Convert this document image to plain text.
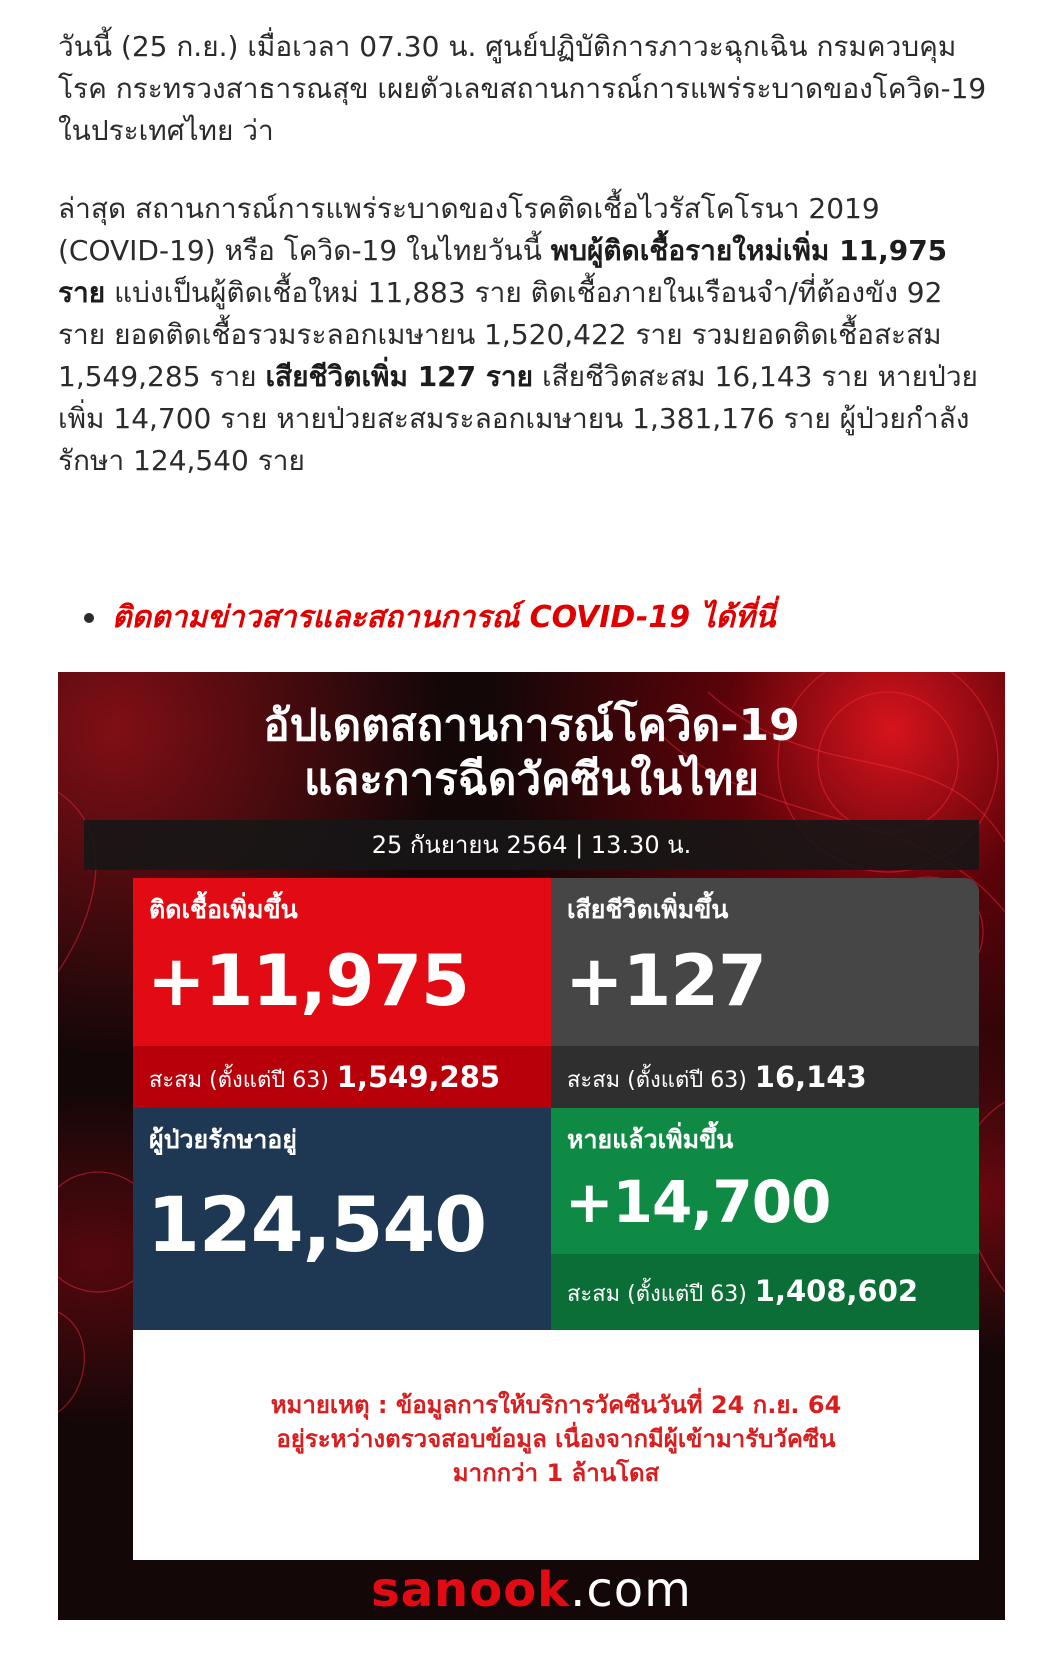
วันนี้ (25 ก.ย.) เมื่อเวลา 07.30 น. ศูนย์ปฏิบัติการภาวะฉุกเฉิน กรมควบคุมโรค กระทรวงสาธารณสุข เผยตัวเลขสถานการณ์การแพร่ระบาดของโควิด-19 ในประเทศไทย ว่า

ล่าสุด สถานการณ์การแพร่ระบาดของโรคติดเชื้อไวรัสโคโรนา 2019 (COVID-19) หรือ โควิด-19 ในไทยวันนี้ พบผู้ติดเชื้อรายใหม่เพิ่ม 11,975 ราย แบ่งเป็นผู้ติดเชื้อใหม่ 11,883 ราย ติดเชื้อภายในเรือนจำ/ที่ต้องขัง 92 ราย ยอดติดเชื้อรวมระลอกเมษายน 1,520,422 ราย รวมยอดติดเชื้อสะสม 1,549,285 ราย เสียชีวิตเพิ่ม 127 ราย เสียชีวิตสะสม 16,143 ราย หายป่วยเพิ่ม 14,700 ราย หายป่วยสะสมระลอกเมษายน 1,381,176 ราย ผู้ป่วยกำลังรักษา 124,540 ราย

ติดตามข่าวสารและสถานการณ์ COVID-19 ได้ที่นี่
อัปเดตสถานการณ์โควิด-19
และการฉีดวัคซีนในไทย
25 กันยายน 2564 | 13.30 น.
ติดเชื้อเพิ่มขึ้น
+11,975
สะสม (ตั้งแต่ปี 63) 1,549,285
เสียชีวิตเพิ่มขึ้น
+127
สะสม (ตั้งแต่ปี 63) 16,143
ผู้ป่วยรักษาอยู่
124,540
หายแล้วเพิ่มขึ้น
+14,700
สะสม (ตั้งแต่ปี 63) 1,408,602
หมายเหตุ : ข้อมูลการให้บริการวัคซีนวันที่ 24 ก.ย. 64
อยู่ระหว่างตรวจสอบข้อมูล เนื่องจากมีผู้เข้ามารับวัคซีน
มากกว่า 1 ล้านโดส
sanook.com
